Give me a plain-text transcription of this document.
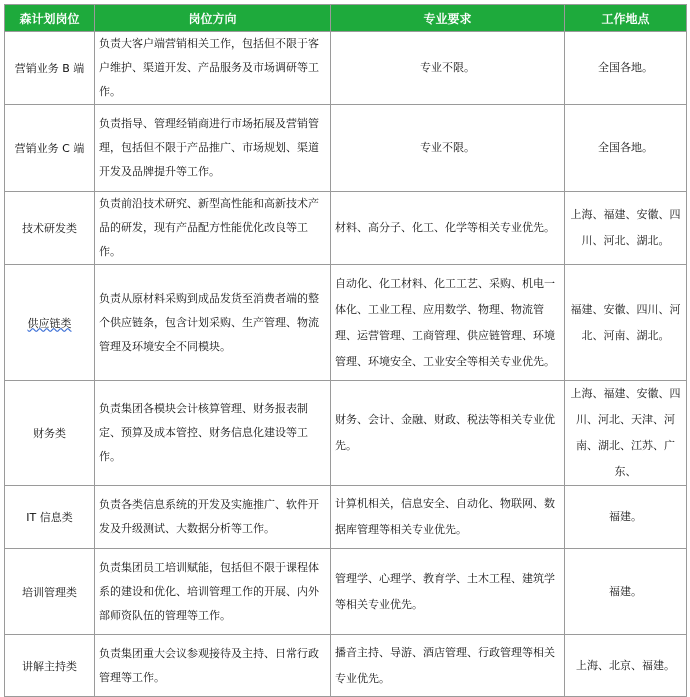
森计划岗位	岗位方向	专业要求	工作地点
营销业务 B 端	负责大客户端营销相关工作，包括但不限于客户维护、渠道开发、产品服务及市场调研等工作。	专业不限。	全国各地。
营销业务 C 端	负责指导、管理经销商进行市场拓展及营销管理，包括但不限于产品推广、市场规划、渠道开发及品牌提升等工作。	专业不限。	全国各地。
技术研发类	负责前沿技术研究、新型高性能和高新技术产品的研发，现有产品配方性能优化改良等工作。	材料、高分子、化工、化学等相关专业优先。	上海、福建、安徽、四川、河北、湖北。
供应链类	负责从原材料采购到成品发货至消费者端的整个供应链条，包含计划采购、生产管理、物流管理及环境安全不同模块。	自动化、化工材料、化工工艺、采购、机电一体化、工业工程、应用数学、物理、物流管理、运营管理、工商管理、供应链管理、环境管理、环境安全、工业安全等相关专业优先。	福建、安徽、四川、河北、河南、湖北。
财务类	负责集团各模块会计核算管理、财务报表制定、预算及成本管控、财务信息化建设等工作。	财务、会计、金融、财政、税法等相关专业优先。	上海、福建、安徽、四川、河北、天津、河南、湖北、江苏、广东、
IT 信息类	负责各类信息系统的开发及实施推广、软件开发及升级测试、大数据分析等工作。	计算机相关，信息安全、自动化、物联网、数据库管理等相关专业优先。	福建。
培训管理类	负责集团员工培训赋能，包括但不限于课程体系的建设和优化、培训管理工作的开展、内外部师资队伍的管理等工作。	管理学、心理学、教育学、土木工程、建筑学等相关专业优先。	福建。
讲解主持类	负责集团重大会议参观接待及主持、日常行政管理等工作。	播音主持、导游、酒店管理、行政管理等相关专业优先。	上海、北京、福建。
